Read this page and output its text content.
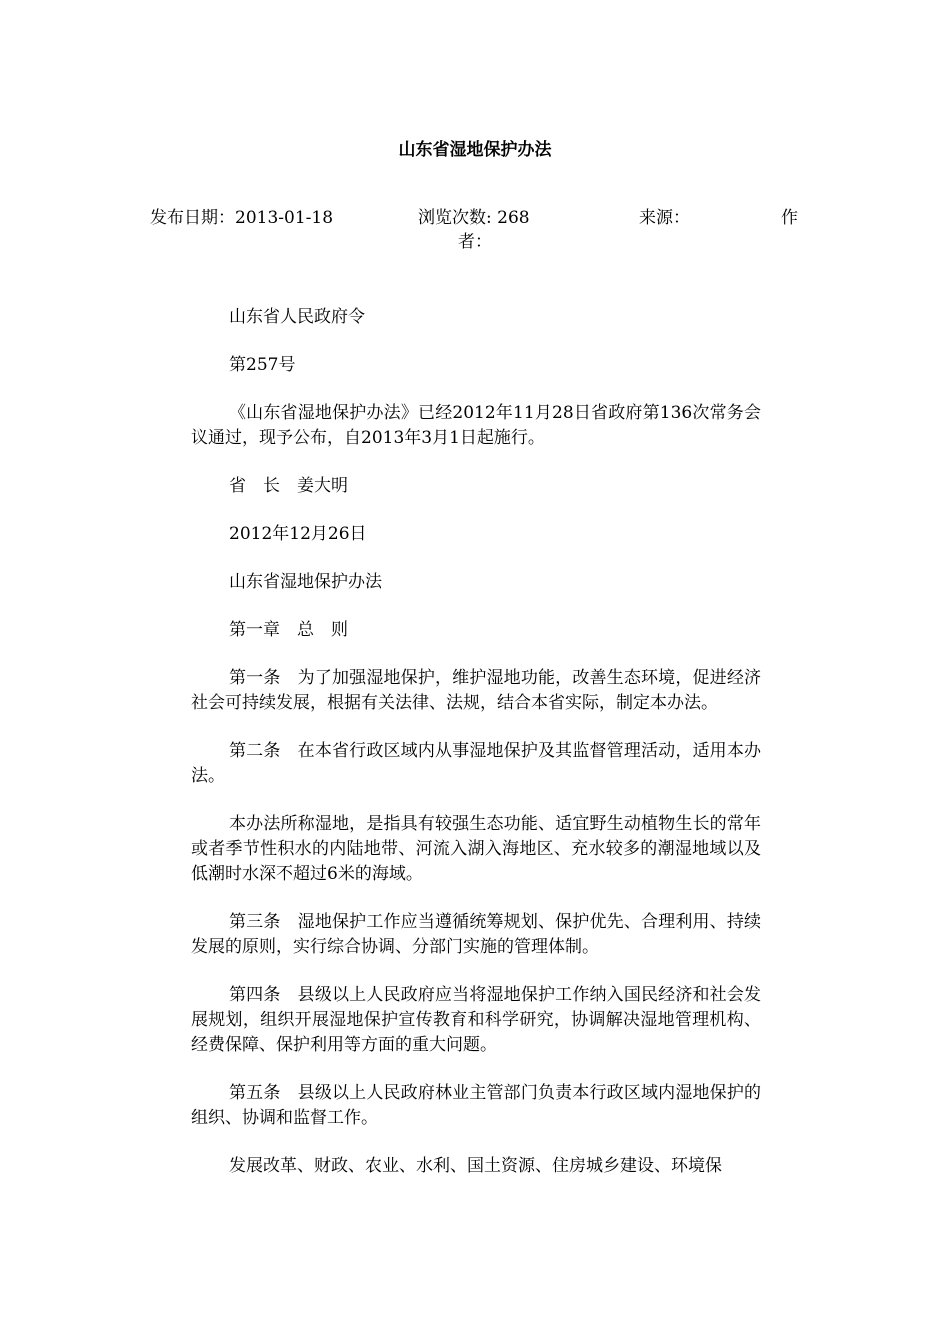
山东省湿地保护办法
发布日期：2013-01-18	浏览次数: 268	来源：	作
者：

山东省人民政府令

第257号

《山东省湿地保护办法》已经2012年11月28日省政府第136次常务会议通过，现予公布，自2013年3月1日起施行。

省　长　姜大明

2012年12月26日

山东省湿地保护办法

第一章　总　则

第一条　为了加强湿地保护，维护湿地功能，改善生态环境，促进经济社会可持续发展，根据有关法律、法规，结合本省实际，制定本办法。

第二条　在本省行政区域内从事湿地保护及其监督管理活动，适用本办法。

本办法所称湿地，是指具有较强生态功能、适宜野生动植物生长的常年或者季节性积水的内陆地带、河流入湖入海地区、充水较多的潮湿地域以及低潮时水深不超过6米的海域。

第三条　湿地保护工作应当遵循统筹规划、保护优先、合理利用、持续发展的原则，实行综合协调、分部门实施的管理体制。

第四条　县级以上人民政府应当将湿地保护工作纳入国民经济和社会发展规划，组织开展湿地保护宣传教育和科学研究，协调解决湿地管理机构、经费保障、保护利用等方面的重大问题。

第五条　县级以上人民政府林业主管部门负责本行政区域内湿地保护的组织、协调和监督工作。

发展改革、财政、农业、水利、国土资源、住房城乡建设、环境保
